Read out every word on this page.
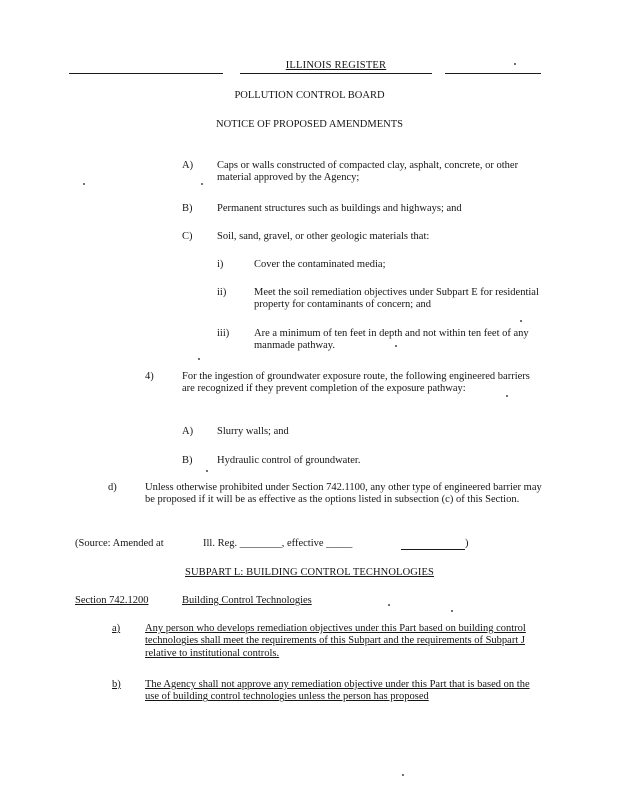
ILLINOIS REGISTER
POLLUTION CONTROL BOARD
NOTICE OF PROPOSED AMENDMENTS
A) Caps or walls constructed of compacted clay, asphalt, concrete, or other material approved by the Agency;
B) Permanent structures such as buildings and highways; and
C) Soil, sand, gravel, or other geologic materials that:
i)	Cover the contaminated media;
ii)	Meet the soil remediation objectives under Subpart E for residential property for contaminants of concern; and
iii) Are a minimum of ten feet in depth and not within ten feet of any manmade pathway.
4)	For the ingestion of groundwater exposure route, the following engineered barriers are recognized if they prevent completion of the exposure pathway:
A) Slurry walls; and
B) Hydraulic control of groundwater.
d)	Unless otherwise prohibited under Section 742.1100, any other type of engineered barrier may be proposed if it will be as effective as the options listed in subsection (c) of this Section.
(Source: Amended at	Ill. Reg. ________, effective _____	)
SUBPART L: BUILDING CONTROL TECHNOLOGIES
Section 742.1200	Building Control Technologies
a) Any person who develops remediation objectives under this Part based on building control technologies shall meet the requirements of this Subpart and the requirements of Subpart J relative to institutional controls.
b) The Agency shall not approve any remediation objective under this Part that is based on the use of building control technologies unless the person has proposed
